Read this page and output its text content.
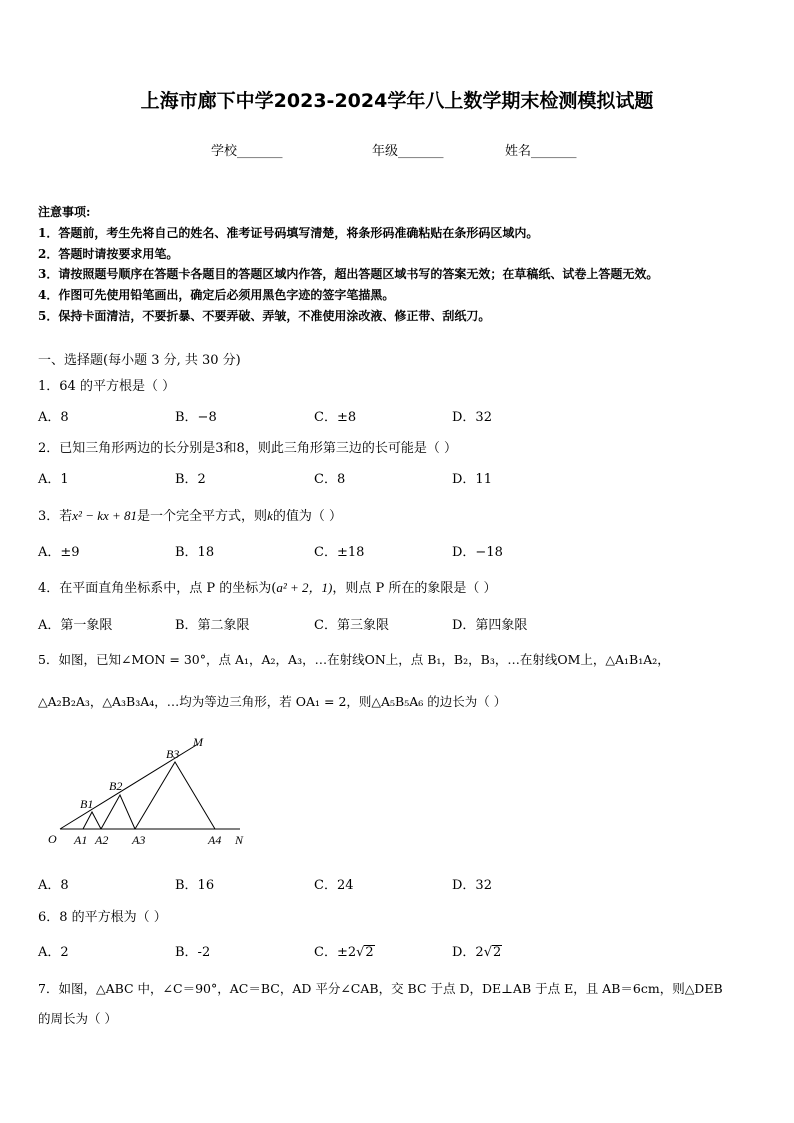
上海市廊下中学2023-2024学年八上数学期末检测模拟试题
学校_______	年级_______	姓名_______
注意事项:
1．答题前，考生先将自己的姓名、准考证号码填写清楚，将条形码准确粘贴在条形码区域内。
2．答题时请按要求用笔。
3．请按照题号顺序在答题卡各题目的答题区域内作答，超出答题区域书写的答案无效；在草稿纸、试卷上答题无效。
4．作图可先使用铅笔画出，确定后必须用黑色字迹的签字笔描黑。
5．保持卡面清洁，不要折暴、不要弄破、弄皱，不准使用涂改液、修正带、刮纸刀。
一、选择题(每小题 3 分, 共 30 分)
1．64 的平方根是（ ）
A．8	B．−8	C．±8	D．32
2．已知三角形两边的长分别是3和8，则此三角形第三边的长可能是（ ）
A．1	B．2	C．8	D．11
3．若x² − kx + 81是一个完全平方式，则k的值为（ ）
A．±9	B．18	C．±18	D．−18
4．在平面直角坐标系中，点 P 的坐标为(a² + 2，1)，则点 P 所在的象限是（ ）
A．第一象限	B．第二象限	C．第三象限	D．第四象限
5．如图，已知∠MON = 30°，点 A₁，A₂，A₃，…在射线ON上，点 B₁，B₂，B₃，…在射线OM上，△A₁B₁A₂，
△A₂B₂A₃，△A₃B₃A₄，…均为等边三角形，若 OA₁ = 2，则△A₅B₅A₆ 的边长为（ ）
M
B3
B2
B1
O A1 A2 A3	A4 N
A．8	B．16	C．24	D．32
6．8 的平方根为（ ）
A．2	B．-2	C．±2√2	D．2√2
7．如图，△ABC 中，∠C＝90°，AC＝BC，AD 平分∠CAB，交 BC 于点 D，DE⊥AB 于点 E，且 AB＝6cm，则△DEB
的周长为（ ）
